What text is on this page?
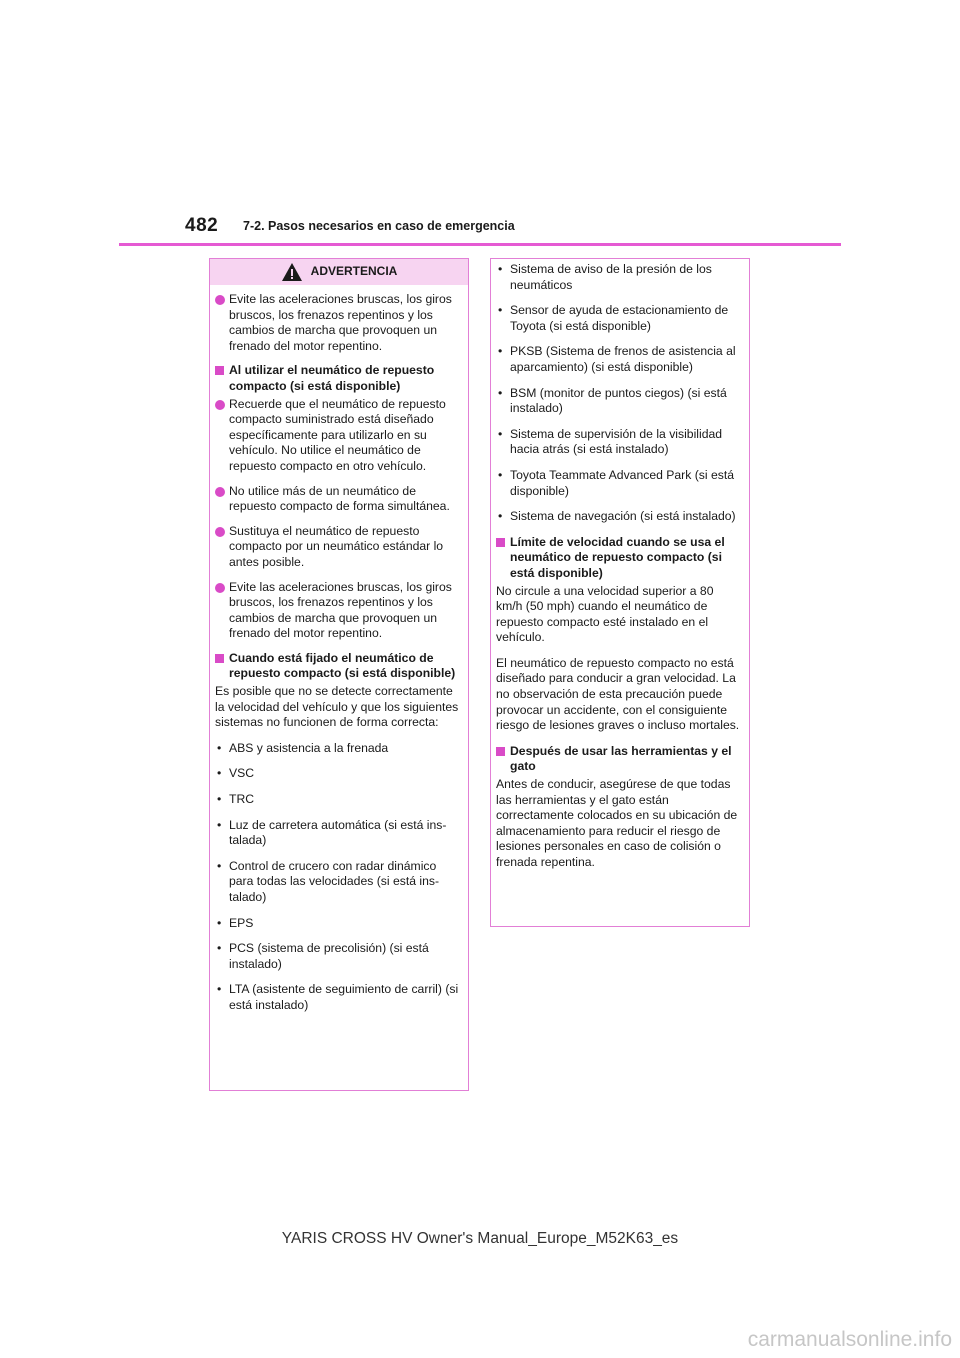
482 7-2. Pasos necesarios en caso de emergencia
ADVERTENCIA
Evite las aceleraciones bruscas, los giros bruscos, los frenazos repentinos y los cambios de marcha que provoquen un frenado del motor repentino.
Al utilizar el neumático de repuesto compacto (si está disponible)
Recuerde que el neumático de repuesto compacto suministrado está diseñado específicamente para utilizarlo en su vehículo. No utilice el neumático de repuesto compacto en otro vehículo.
No utilice más de un neumático de repuesto compacto de forma simultánea.
Sustituya el neumático de repuesto compacto por un neumático estándar lo antes posible.
Evite las aceleraciones bruscas, los giros bruscos, los frenazos repentinos y los cambios de marcha que provoquen un frenado del motor repentino.
Cuando está fijado el neumático de repuesto compacto (si está disponible)

Es posible que no se detecte correctamente la velocidad del vehículo y que los siguientes sistemas no funcionen de forma correcta:

• ABS y asistencia a la frenada
• VSC
• TRC
• Luz de carretera automática (si está instalada)
• Control de crucero con radar dinámico para todas las velocidades (si está instalado)
• EPS
• PCS (sistema de precolisión) (si está instalado)
• LTA (asistente de seguimiento de carril) (si está instalado)
• Sistema de aviso de la presión de los neumáticos
• Sensor de ayuda de estacionamiento de Toyota (si está disponible)
• PKSB (Sistema de frenos de asistencia al aparcamiento) (si está disponible)
• BSM (monitor de puntos ciegos) (si está instalado)
• Sistema de supervisión de la visibilidad hacia atrás (si está instalado)
• Toyota Teammate Advanced Park (si está disponible)
• Sistema de navegación (si está instalado)
Límite de velocidad cuando se usa el neumático de repuesto compacto (si está disponible)

No circule a una velocidad superior a 80 km/h (50 mph) cuando el neumático de repuesto compacto esté instalado en el vehículo.

El neumático de repuesto compacto no está diseñado para conducir a gran velocidad. La no observación de esta precaución puede provocar un accidente, con el consiguiente riesgo de lesiones graves o incluso mortales.

Después de usar las herramientas y el gato

Antes de conducir, asegúrese de que todas las herramientas y el gato están correctamente colocados en su ubicación de almacenamiento para reducir el riesgo de lesiones personales en caso de colisión o frenada repentina.

YARIS CROSS HV Owner's Manual_Europe_M52K63_es
carmanualsonline.info
